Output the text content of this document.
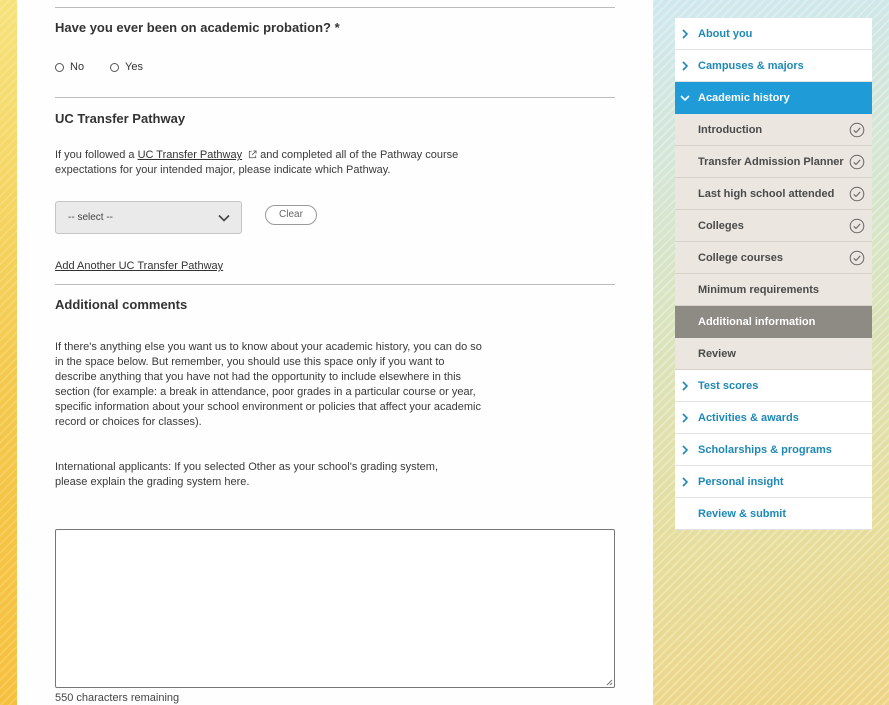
Have you ever been on academic probation? *
No	Yes
UC Transfer Pathway
If you followed a UC Transfer Pathway and completed all of the Pathway course expectations for your intended major, please indicate which Pathway.
-- select --	Clear
Add Another UC Transfer Pathway
Additional comments
If there's anything else you want us to know about your academic history, you can do so in the space below. But remember, you should use this space only if you want to describe anything that you have not had the opportunity to include elsewhere in this section (for example: a break in attendance, poor grades in a particular course or year, specific information about your school environment or policies that affect your academic record or choices for classes).
International applicants: If you selected Other as your school's grading system, please explain the grading system here.
550 characters remaining
About you
Campuses & majors
Academic history
Introduction
Transfer Admission Planner
Last high school attended
Colleges
College courses
Minimum requirements
Additional information
Review
Test scores
Activities & awards
Scholarships & programs
Personal insight
Review & submit
